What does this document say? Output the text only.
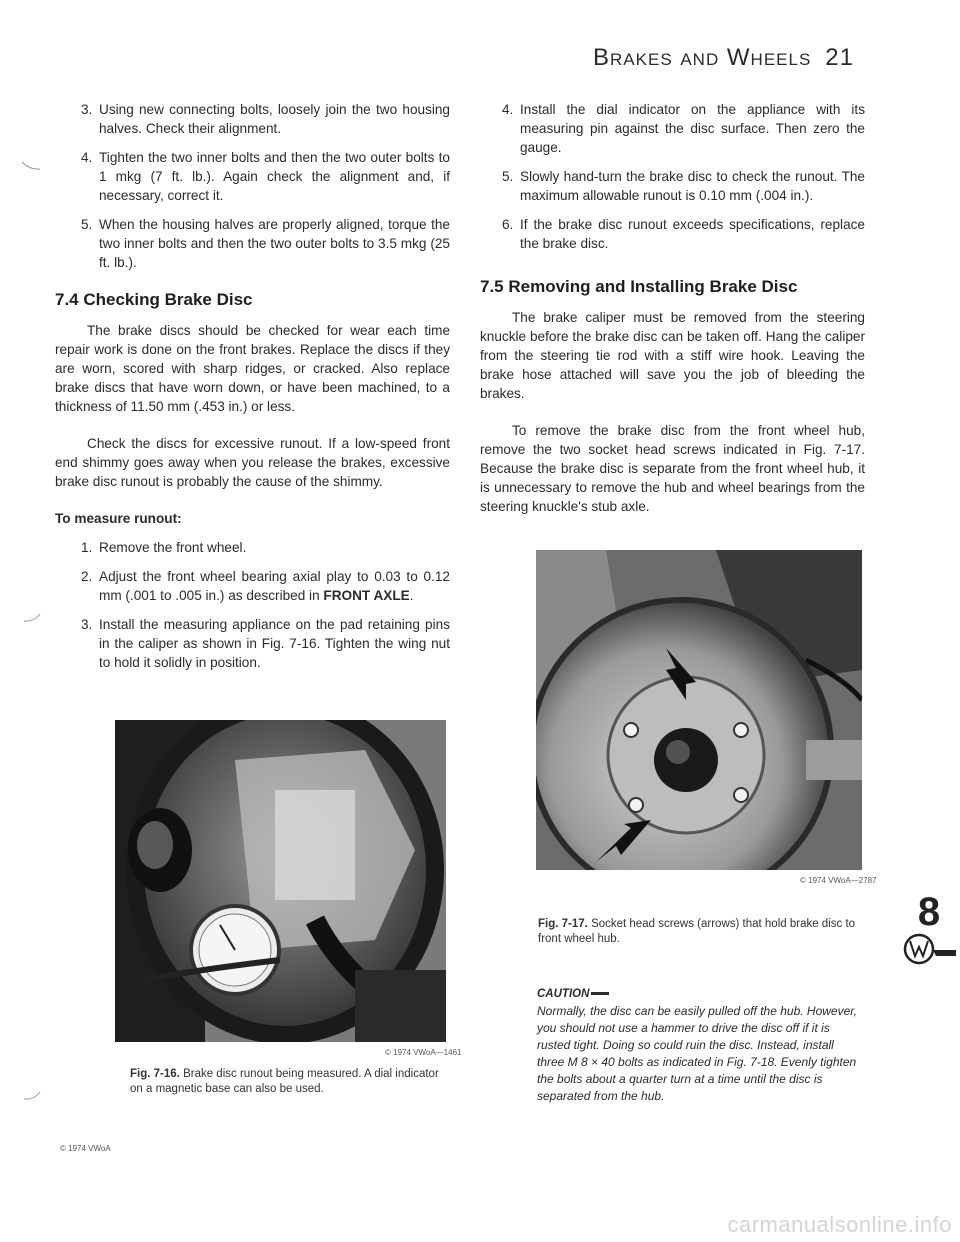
Brakes and Wheels 21
3. Using new connecting bolts, loosely join the two housing halves. Check their alignment.
4. Tighten the two inner bolts and then the two outer bolts to 1 mkg (7 ft. lb.). Again check the alignment and, if necessary, correct it.
5. When the housing halves are properly aligned, torque the two inner bolts and then the two outer bolts to 3.5 mkg (25 ft. lb.).
7.4 Checking Brake Disc

The brake discs should be checked for wear each time repair work is done on the front brakes. Replace the discs if they are worn, scored with sharp ridges, or cracked. Also replace brake discs that have worn down, or have been machined, to a thickness of 11.50 mm (.453 in.) or less.

Check the discs for excessive runout. If a low-speed front end shimmy goes away when you release the brakes, excessive brake disc runout is probably the cause of the shimmy.

To measure runout:
1. Remove the front wheel.
2. Adjust the front wheel bearing axial play to 0.03 to 0.12 mm (.001 to .005 in.) as described in FRONT AXLE.
3. Install the measuring appliance on the pad retaining pins in the caliper as shown in Fig. 7-16. Tighten the wing nut to hold it solidly in position.
© 1974 VWoA—1461
Fig. 7-16. Brake disc runout being measured. A dial indicator on a magnetic base can also be used.
4. Install the dial indicator on the appliance with its measuring pin against the disc surface. Then zero the gauge.
5. Slowly hand-turn the brake disc to check the runout. The maximum allowable runout is 0.10 mm (.004 in.).
6. If the brake disc runout exceeds specifications, replace the brake disc.
7.5 Removing and Installing Brake Disc

The brake caliper must be removed from the steering knuckle before the brake disc can be taken off. Hang the caliper from the steering tie rod with a stiff wire hook. Leaving the brake hose attached will save you the job of bleeding the brakes.

To remove the brake disc from the front wheel hub, remove the two socket head screws indicated in Fig. 7-17. Because the brake disc is separate from the front wheel hub, it is unnecessary to remove the hub and wheel bearings from the steering knuckle's stub axle.

© 1974 VWoA—2787
Fig. 7-17. Socket head screws (arrows) that hold brake disc to front wheel hub.
CAUTION
Normally, the disc can be easily pulled off the hub. However, you should not use a hammer to drive the disc off if it is rusted tight. Doing so could ruin the disc. Instead, install three M 8 × 40 bolts as indicated in Fig. 7-18. Evenly tighten the bolts about a quarter turn at a time until the disc is separated from the hub.
8
© 1974 VWoA
carmanualsonline.info
